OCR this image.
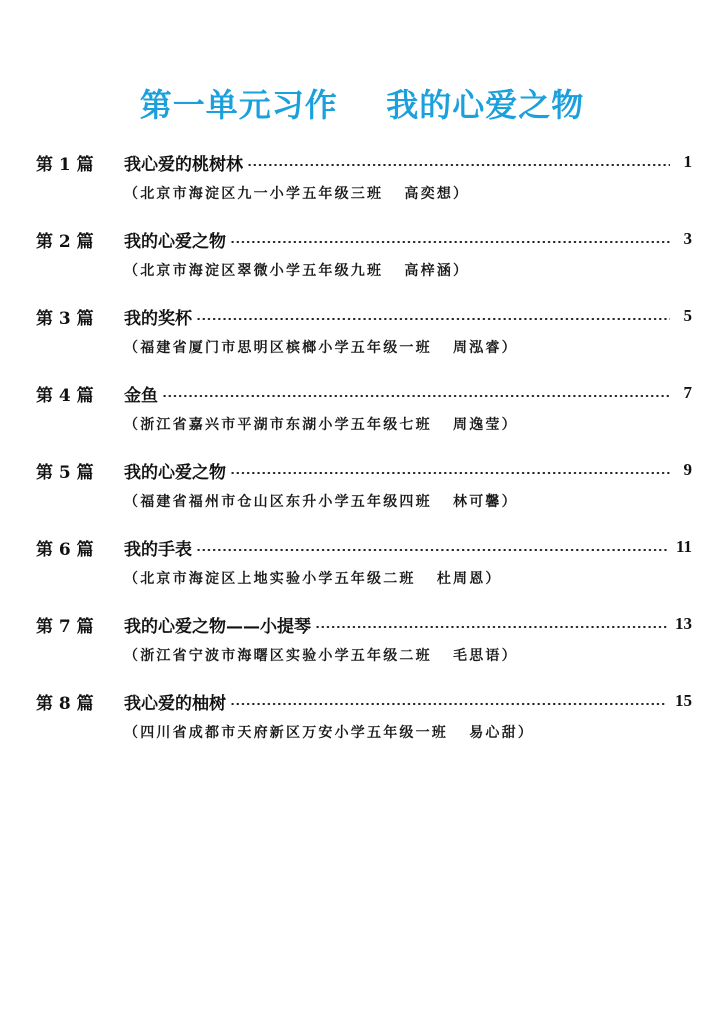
第一单元习作    我的心爱之物
第 1 篇	我心爱的桃树林	1
（北京市海淀区九一小学五年级三班   高奕想）
第 2 篇	我的心爱之物	3
（北京市海淀区翠微小学五年级九班   高梓涵）
第 3 篇	我的奖杯	5
（福建省厦门市思明区槟榔小学五年级一班   周泓睿）
第 4 篇	金鱼	7
（浙江省嘉兴市平湖市东湖小学五年级七班   周逸莹）
第 5 篇	我的心爱之物	9
（福建省福州市仓山区东升小学五年级四班   林可馨）
第 6 篇	我的手表	11
（北京市海淀区上地实验小学五年级二班   杜周恩）
第 7 篇	我的心爱之物——小提琴	13
（浙江省宁波市海曙区实验小学五年级二班   毛思语）
第 8 篇	我心爱的柚树	15
（四川省成都市天府新区万安小学五年级一班   易心甜）
